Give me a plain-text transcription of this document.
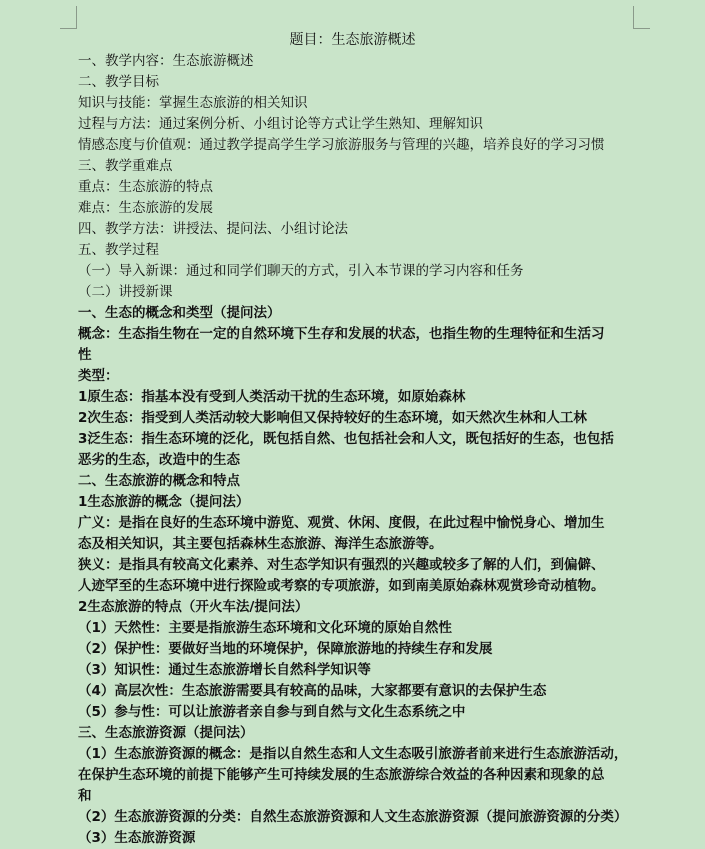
题目：生态旅游概述
一、教学内容：生态旅游概述
二、教学目标
知识与技能：掌握生态旅游的相关知识
过程与方法：通过案例分析、小组讨论等方式让学生熟知、理解知识
情感态度与价值观：通过教学提高学生学习旅游服务与管理的兴趣，培养良好的学习习惯
三、教学重难点
重点：生态旅游的特点
难点：生态旅游的发展
四、教学方法：讲授法、提问法、小组讨论法
五、教学过程
（一）导入新课：通过和同学们聊天的方式，引入本节课的学习内容和任务
（二）讲授新课
一、生态的概念和类型（提问法）
概念：生态指生物在一定的自然环境下生存和发展的状态，也指生物的生理特征和生活习
性
类型：
1原生态：指基本没有受到人类活动干扰的生态环境，如原始森林
2次生态：指受到人类活动较大影响但又保持较好的生态环境，如天然次生林和人工林
3泛生态：指生态环境的泛化，既包括自然、也包括社会和人文，既包括好的生态，也包括
恶劣的生态，改造中的生态
二、生态旅游的概念和特点
1生态旅游的概念（提问法）
广义：是指在良好的生态环境中游览、观赏、休闲、度假，在此过程中愉悦身心、增加生
态及相关知识，其主要包括森林生态旅游、海洋生态旅游等。
狭义：是指具有较高文化素养、对生态学知识有强烈的兴趣或较多了解的人们，到偏僻、
人迹罕至的生态环境中进行探险或考察的专项旅游，如到南美原始森林观赏珍奇动植物。
2生态旅游的特点（开火车法/提问法）
（1）天然性：主要是指旅游生态环境和文化环境的原始自然性
（2）保护性：要做好当地的环境保护，保障旅游地的持续生存和发展
（3）知识性：通过生态旅游增长自然科学知识等
（4）高层次性：生态旅游需要具有较高的品味，大家都要有意识的去保护生态
（5）参与性：可以让旅游者亲自参与到自然与文化生态系统之中
三、生态旅游资源（提问法）
（1）生态旅游资源的概念：是指以自然生态和人文生态吸引旅游者前来进行生态旅游活动，
在保护生态环境的前提下能够产生可持续发展的生态旅游综合效益的各种因素和现象的总
和
（2）生态旅游资源的分类：自然生态旅游资源和人文生态旅游资源（提问旅游资源的分类）
（3）生态旅游资源
